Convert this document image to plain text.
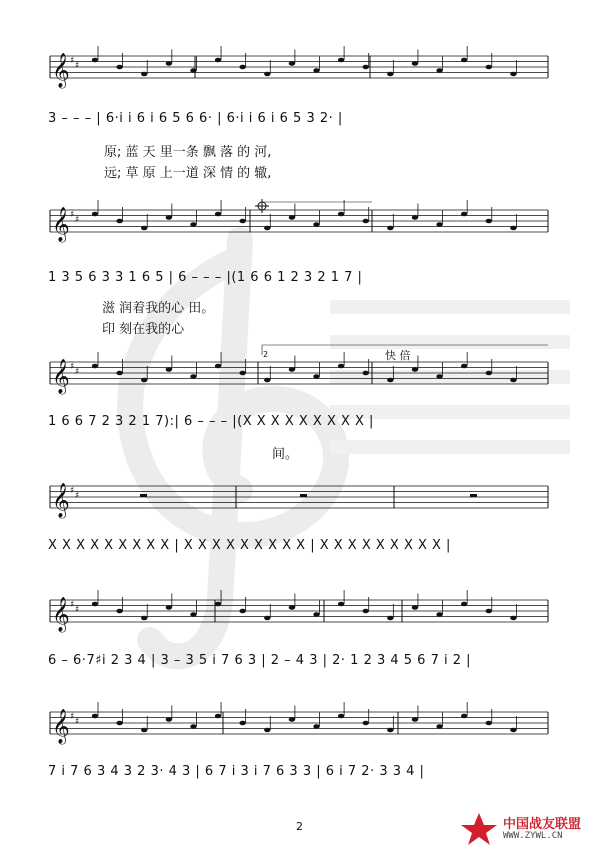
𝄞 ♯ ♯
𝄞 ♯ ♯
𝄞 ♯ ♯
𝄞 ♯ ♯
𝄞 ♯ ♯
𝄞 ♯ ♯
3 – – – | 6·i i 6 i 6 5 6 6· | 6·i i 6 i 6 5 3 2· |
原; 蓝 天 里一条 飘 落 的 河,
远; 草 原 上一道 深 情 的 辙,
1 3 5 6 3 3 1 6 5 | 6 – – – |(1 6 6 1 2 3 2 1 7 |
滋 润着我的心 田。
印 刻在我的心
1 6 6 7 2 3 2 1 7):| 6 – – – |(X X X X X X X X X |
间。
X X X X X X X X X | X X X X X X X X X | X X X X X X X X X |
6 – 6·7♯i 2 3 4 | 3 – 3 5 i 7 6 3 | 2 – 4 3 | 2· 1 2 3 4 5 6 7 i 2 |
7 i 7 6 3 4 3 2 3· 4 3 | 6 7 i 3 i 7 6 3 3 | 6 i 7 2· 3 3 4 |
快 倍
2
2	中国战友联盟
WWW.ZYWL.CN
